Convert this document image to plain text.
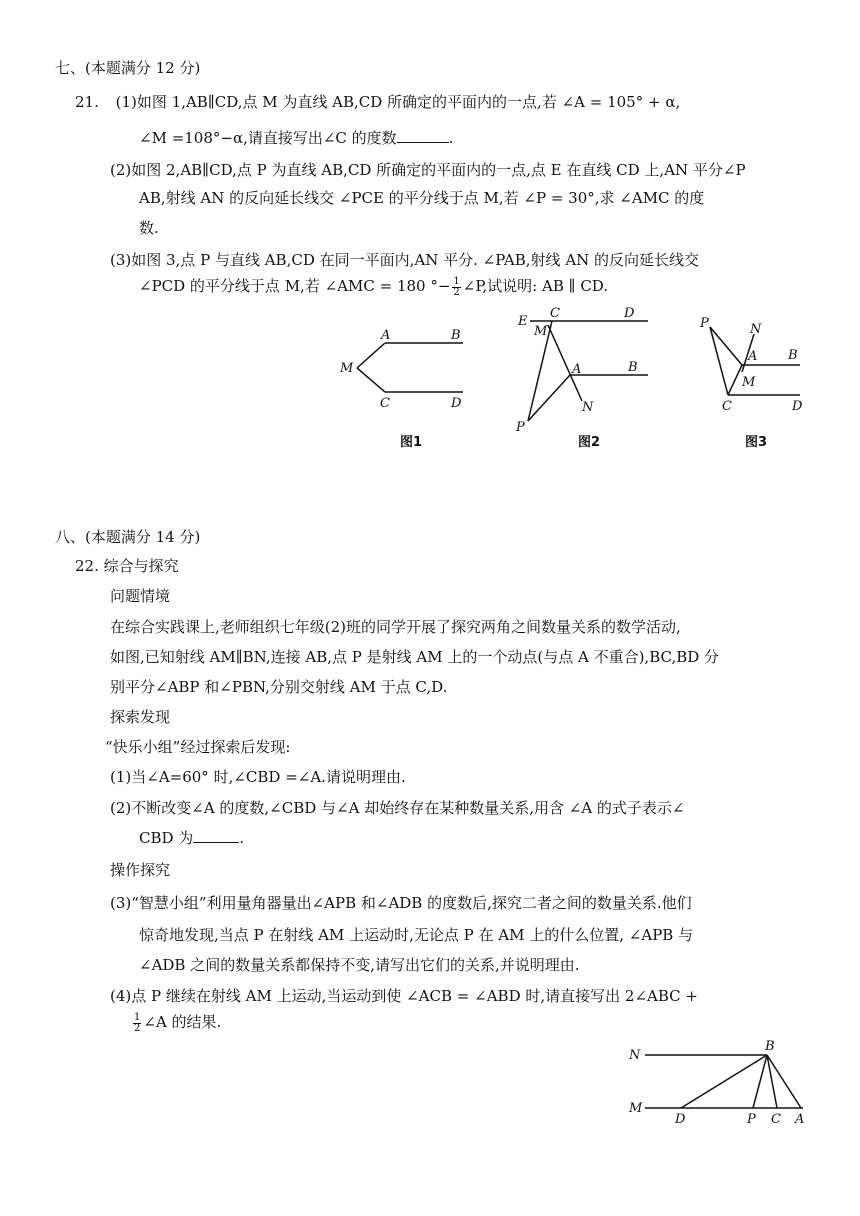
七、(本题满分 12 分)
21. (1)如图 1,AB∥CD,点 M 为直线 AB,CD 所确定的平面内的一点,若 ∠A = 105° + α,
∠M =108°−α,请直接写出∠C 的度数	.
(2)如图 2,AB∥CD,点 P 为直线 AB,CD 所确定的平面内的一点,点 E 在直线 CD 上,AN 平分∠P
AB,射线 AN 的反向延长线交 ∠PCE 的平分线于点 M,若 ∠P = 30°,求 ∠AMC 的度
数.
(3)如图 3,点 P 与直线 AB,CD 在同一平面内,AN 平分. ∠PAB,射线 AN 的反向延长线交
∠PCD 的平分线于点 M,若 ∠AMC = 180 °− $\frac{1}{2}$ ∠P,试说明: AB ∥ CD.
A	B
M
C	D
图1
E
M
C	D
A	B
N
P
图2
P	N
A B
M
C	D
图3
八、(本题满分 14 分)
22. 综合与探究
问题情境
在综合实践课上,老师组织七年级(2)班的同学开展了探究两角之间数量关系的数学活动,
如图,已知射线 AM∥BN,连接 AB,点 P 是射线 AM 上的一个动点(与点 A 不重合),BC,BD 分
别平分∠ABP 和∠PBN,分别交射线 AM 于点 C,D.
探索发现
“快乐小组”经过探索后发现:
(1)当∠A=60° 时,∠CBD =∠A.请说明理由.
(2)不断改变∠A 的度数,∠CBD 与∠A 却始终存在某种数量关系,用含 ∠A 的式子表示∠
CBD 为	.
操作探究
(3)“智慧小组”利用量角器量出∠APB 和∠ADB 的度数后,探究二者之间的数量关系.他们
惊奇地发现,当点 P 在射线 AM 上运动时,无论点 P 在 AM 上的什么位置, ∠APB 与
∠ADB 之间的数量关系都保持不变,请写出它们的关系,并说明理由.
(4)点 P 继续在射线 AM 上运动,当运动到使 ∠ACB = ∠ABD 时,请直接写出 2∠ABC +
$\frac{1}{2}$ ∠A 的结果.
N
B
M
D	P C A
